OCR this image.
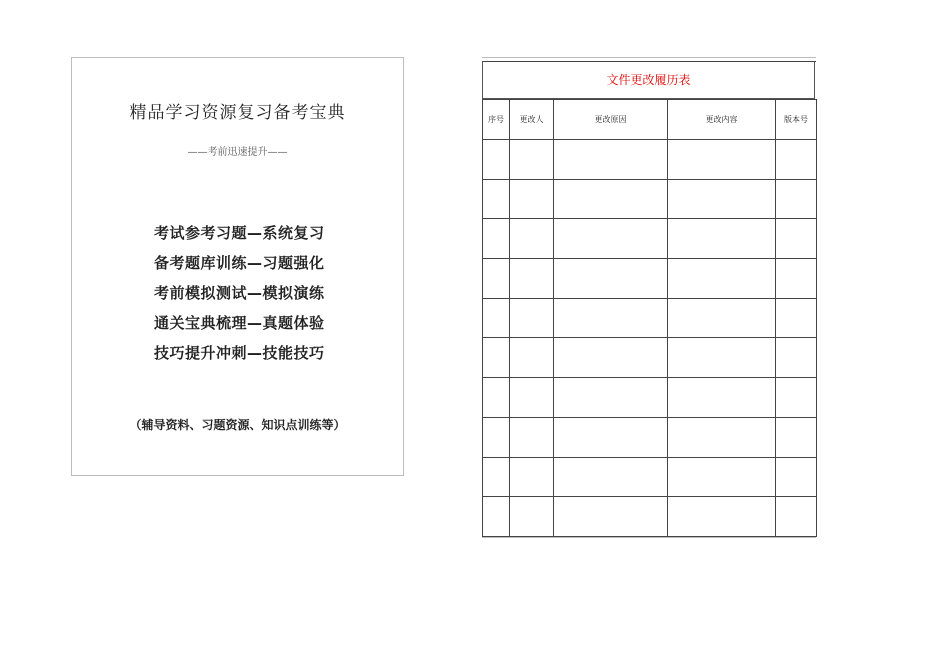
精品学习资源复习备考宝典
——考前迅速提升——
考试参考习题—系统复习
备考题库训练—习题强化
考前模拟测试—模拟演练
通关宝典梳理—真题体验
技巧提升冲刺—技能技巧
（辅导资料、习题资源、知识点训练等）
文件更改履历表
序号	更改人	更改原因	更改内容	版本号
